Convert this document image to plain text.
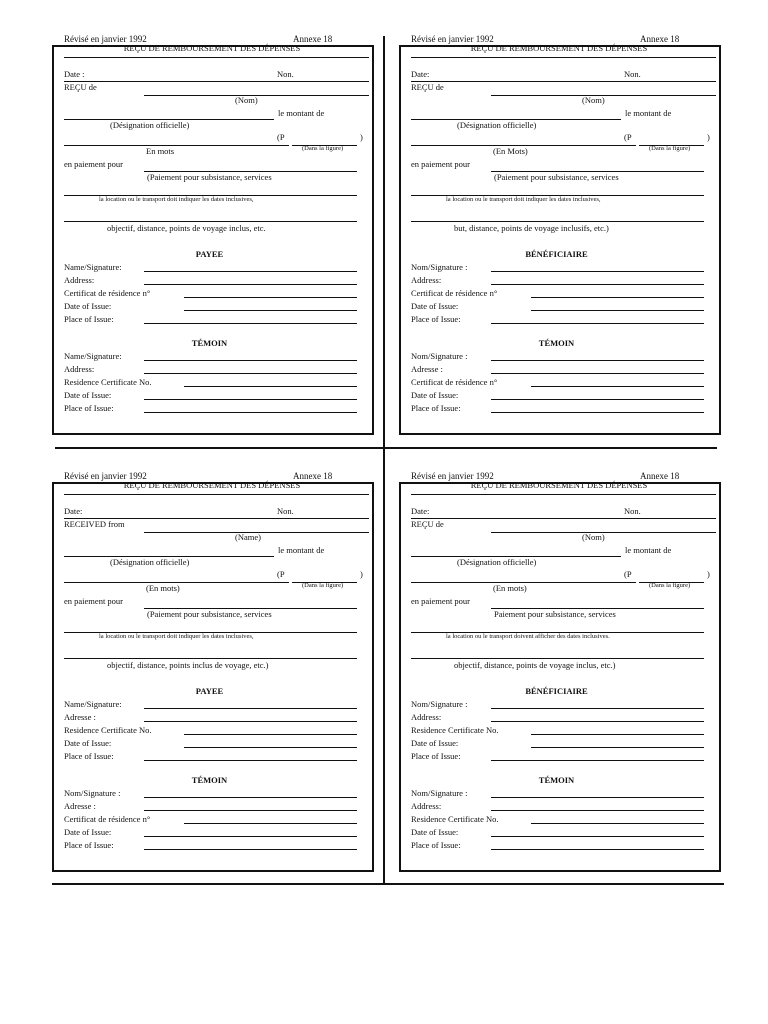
Révisé en janvier 1992	Annexe 18
REÇU DE REMBOURSEMENT DES DÉPENSES
Date :	Non.
REÇU de
(Nom)
le montant de
(Désignation officielle)
(P	)
En mots	(Dans la figure)
en paiement pour
(Paiement pour subsistance, services
la location ou le transport doit indiquer les dates inclusives,
objectif, distance, points de voyage inclus, etc.
PAYEE
Name/Signature:
Address:
Certificat de résidence n°
Date of Issue:
Place of Issue:
TÉMOIN
Name/Signature:
Address:
Residence Certificate No.
Date of Issue:
Place of Issue:
Révisé en janvier 1992	Annexe 18
REÇU DE REMBOURSEMENT DES DÉPENSES
Date:	Non.
REÇU de
(Nom)
le montant de
(Désignation officielle)
(P	)
(En Mots)	(Dans la figure)
en paiement pour
(Paiement pour subsistance, services
la location ou le transport doit indiquer les dates inclusives,
but, distance, points de voyage inclusifs, etc.)
BÉNÉFICIAIRE
Nom/Signature :
Address:
Certificat de résidence n°
Date of Issue:
Place of Issue:
TÉMOIN
Nom/Signature :
Adresse :
Certificat de résidence n°
Date of Issue:
Place of Issue:
Révisé en janvier 1992	Annexe 18
REÇU DE REMBOURSEMENT DES DÉPENSES
Date:	Non.
RECEIVED from
(Name)
le montant de
(Désignation officielle)
(P	)
(En mots)	(Dans la figure)
en paiement pour
(Paiement pour subsistance, services
la location ou le transport doit indiquer les dates inclusives,
objectif, distance, points inclus de voyage, etc.)
PAYEE
Name/Signature:
Adresse :
Residence Certificate No.
Date of Issue:
Place of Issue:
TÉMOIN
Nom/Signature :
Adresse :
Certificat de résidence n°
Date of Issue:
Place of Issue:
Révisé en janvier 1992	Annexe 18
REÇU DE REMBOURSEMENT DES DÉPENSES
Date:	Non.
REÇU de
(Nom)
le montant de
(Désignation officielle)
(P	)
(En mots)	(Dans la figure)
en paiement pour
Paiement pour subsistance, services
la location ou le transport doivent afficher des dates inclusives.
objectif, distance, points de voyage inclus, etc.)
BÉNÉFICIAIRE
Nom/Signature :
Address:
Residence Certificate No.
Date of Issue:
Place of Issue:
TÉMOIN
Nom/Signature :
Address:
Residence Certificate No.
Date of Issue:
Place of Issue:
